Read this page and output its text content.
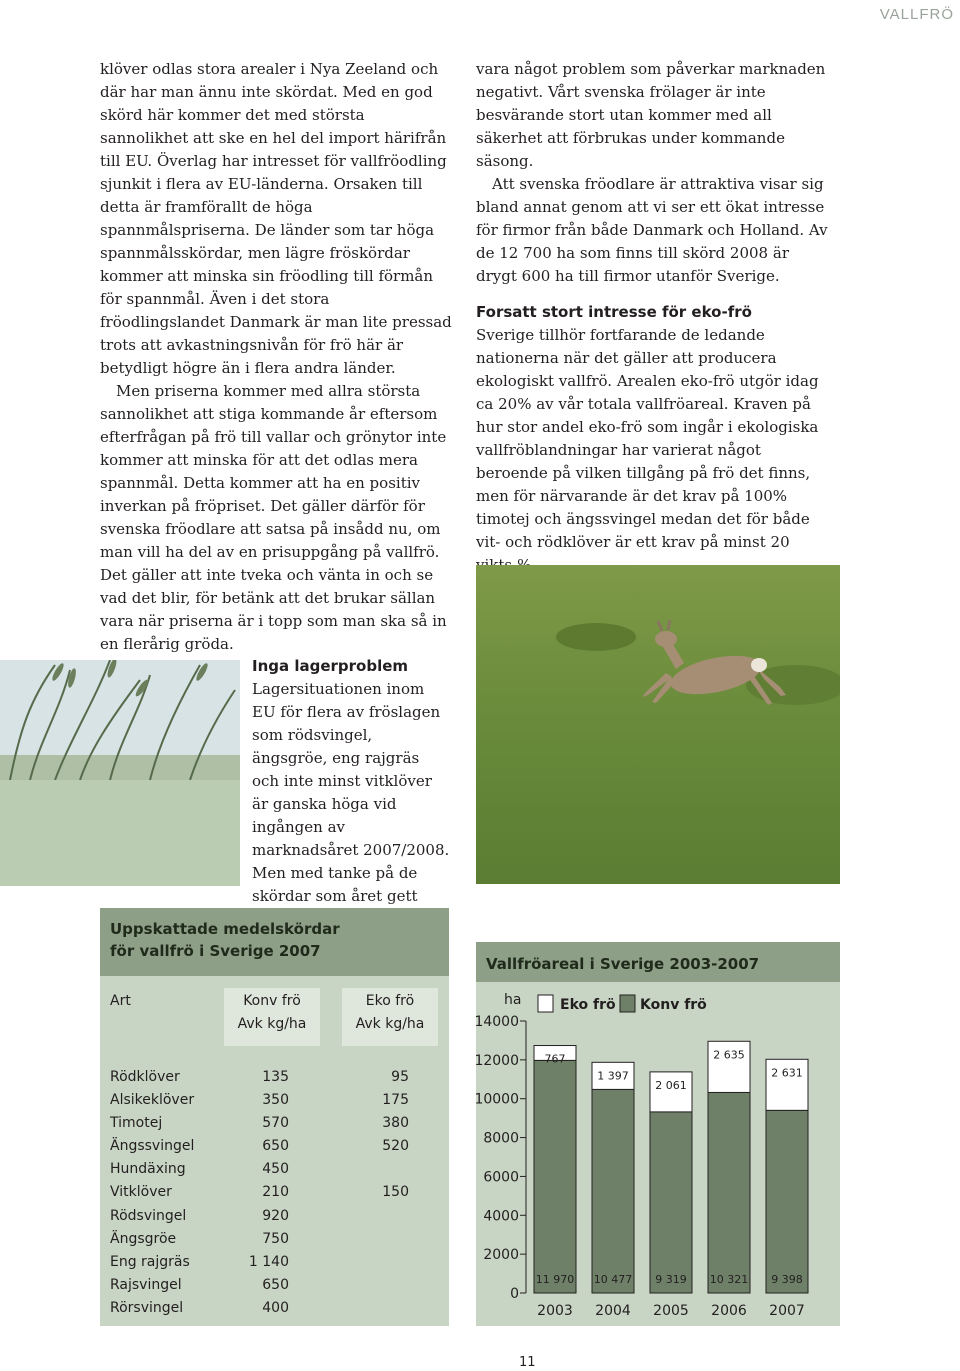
VALLFRÖ

klöver odlas stora arealer i Nya Zeeland och där har man ännu inte skördat. Med en god skörd här kommer det med största sannolikhet att ske en hel del import härifrån till EU. Överlag har intresset för vallfröodling sjunkit i flera av EU-länderna. Orsaken till detta är framförallt de höga spannmålspriserna. De länder som tar höga spannmålsskördar, men lägre fröskördar kommer att minska sin fröodling till förmån för spannmål. Även i det stora fröodlingslandet Danmark är man lite pressad trots att avkastningsnivån för frö här är betydligt högre än i flera andra länder.

Men priserna kommer med allra största sannolikhet att stiga kommande år eftersom efterfrågan på frö till vallar och grönytor inte kommer att minska för att det odlas mera spannmål. Detta kommer att ha en positiv inverkan på fröpriset. Det gäller därför för svenska fröodlare att satsa på insådd nu, om man vill ha del av en prisuppgång på vallfrö. Det gäller att inte tveka och vänta in och se vad det blir, för betänk att det brukar sällan vara när priserna är i topp som man ska så in en flerårig gröda.

vara något problem som påverkar marknaden negativt. Vårt svenska frölager är inte besvärande stort utan kommer med all säkerhet att förbrukas under kommande säsong.

Att svenska fröodlare är attraktiva visar sig bland annat genom att vi ser ett ökat intresse för firmor från både Danmark och Holland. Av de 12 700 ha som finns till skörd 2008 är drygt 600 ha till firmor utanför Sverige.

Forsatt stort intresse för eko-frö

Sverige tillhör fortfarande de ledande nationerna när det gäller att producera ekologiskt vallfrö. Arealen eko-frö utgör idag ca 20% av vår totala vallfröareal. Kraven på hur stor andel eko-frö som ingår i ekologiska vallfröblandningar har varierat något beroende på vilken tillgång på frö det finns, men för närvarande är det krav på 100% timotej och ängssvingel medan det för både vit- och rödklöver är ett krav på minst 20

Inga lagerproblem

Lagersituationen inom EU för flera av fröslagen som rödsvingel, ängsgröe, eng rajgräs och inte minst vitklöver är ganska höga vid ingången av marknadsåret 2007/2008. Men med tanke på de skördar som året gett

Uppskattade medelskördar
för vallfrö i Sverige 2007
Art	Konv frö
Avk kg/ha
Eko frö
Avk kg/ha
Rödklöver	135	95
Alsikeklöver	350	175
Timotej	570	380
Ängssvingel	650	520
Hundäxing	450
Vitklöver	210	150
Rödsvingel	920
Ängsgröe	750
Eng rajgräs	1 140
Rajsvingel	650
Rörsvingel	400
Vallfröareal i Sverige 2003-2007
ha
0
2000
4000
6000
8000
10000
12000
14000
Eko frö Konv frö
767
11 970
2003
1 397
10 477
2004
2 061
9 319
2005
2 635
10 321
2006
2 631
9 398
2007
11
